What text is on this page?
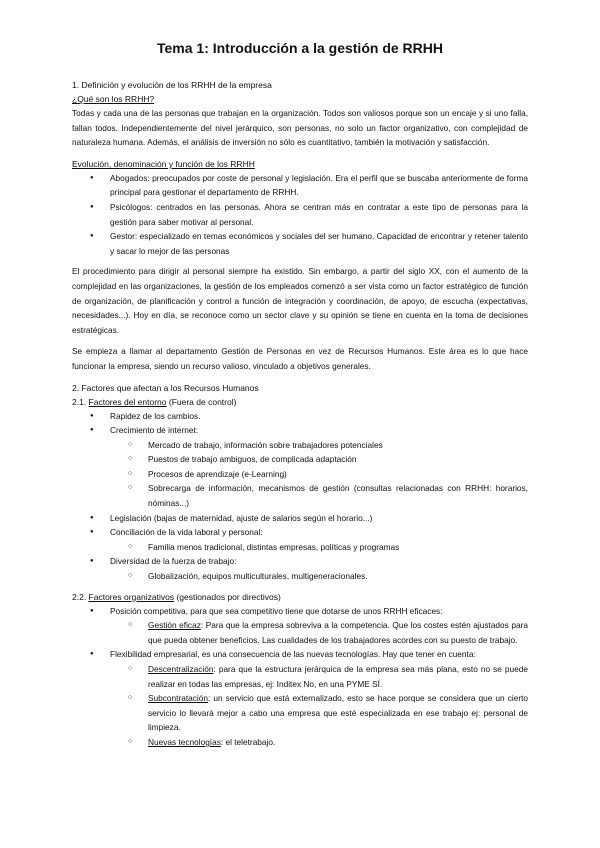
Tema 1: Introducción a la gestión de RRHH

1. Definición y evolución de los RRHH de la empresa

¿Qué son los RRHH?

Todas y cada una de las personas que trabajan en la organización. Todos son valiosos porque son un encaje y si uno falla, fallan todos. Independientemente del nivel jerárquico, son personas, no solo un factor organizativo, con complejidad de naturaleza humana. Además, el análisis de inversión no sólo es cuantitativo, también la motivación y satisfacción.

Evolución, denominación y función de los RRHH

● Abogados: preocupados por coste de personal y legislación. Era el perfil que se buscaba anteriormente de forma principal para gestionar el departamento de RRHH.
● Psicólogos: centrados en las personas. Ahora se centran más en contratar a este tipo de personas para la gestión para saber motivar al personal.
● Gestor: especializado en temas económicos y sociales del ser humano. Capacidad de encontrar y retener talento y sacar lo mejor de las personas

El procedimiento para dirigir al personal siempre ha existido. Sin embargo, a partir del siglo XX, con el aumento de la complejidad en las organizaciones, la gestión de los empleados comenzó a ser vista como un factor estratégico de función de organización, de planificación y control a función de integración y coordinación, de apoyo, de escucha (expectativas, necesidades...). Hoy en día, se reconoce como un sector clave y su opinión se tiene en cuenta en la toma de decisiones estratégicas.

Se empieza a llamar al departamento Gestión de Personas en vez de Recursos Humanos. Este área es lo que hace funcionar la empresa, siendo un recurso valioso, vinculado a objetivos generales.

2. Factores que afectan a los Recursos Humanos

2.1. Factores del entorno (Fuera de control)

● Rapidez de los cambios.
● Crecimiento de internet:
○ Mercado de trabajo, información sobre trabajadores potenciales
○ Puestos de trabajo ambiguos, de complicada adaptación
○ Procesos de aprendizaje (e-Learning)
○ Sobrecarga de información, mecanismos de gestión (consultas relacionadas con RRHH: horarios, nóminas...)
● Legislación (bajas de maternidad, ajuste de salarios según el horario...)
● Conciliación de la vida laboral y personal:
○ Familia menos tradicional, distintas empresas, políticas y programas
● Diversidad de la fuerza de trabajo:
○ Globalización, equipos multiculturales, multigeneracionales.

2.2. Factores organizativos (gestionados por directivos)

● Posición competitiva, para que sea competitivo tiene que dotarse de unos RRHH eficaces:
○ Gestión eficaz: Para que la empresa sobreviva a la competencia. Que los costes estén ajustados para que pueda obtener beneficios. Las cualidades de los trabajadores acordes con su puesto de trabajo.
● Flexibilidad empresarial, es una consecuencia de las nuevas tecnologías. Hay que tener en cuenta:
○ Descentralización: para que la estructura jerárquica de la empresa sea más plana, esto no se puede realizar en todas las empresas, ej: Inditex No, en una PYME SÍ.
○ Subcontratación: un servicio que está externalizado, esto se hace porque se considera que un cierto servicio lo llevará mejor a cabo una empresa que esté especializada en ese trabajo ej: personal de limpieza.
○ Nuevas tecnologías: el teletrabajo.
